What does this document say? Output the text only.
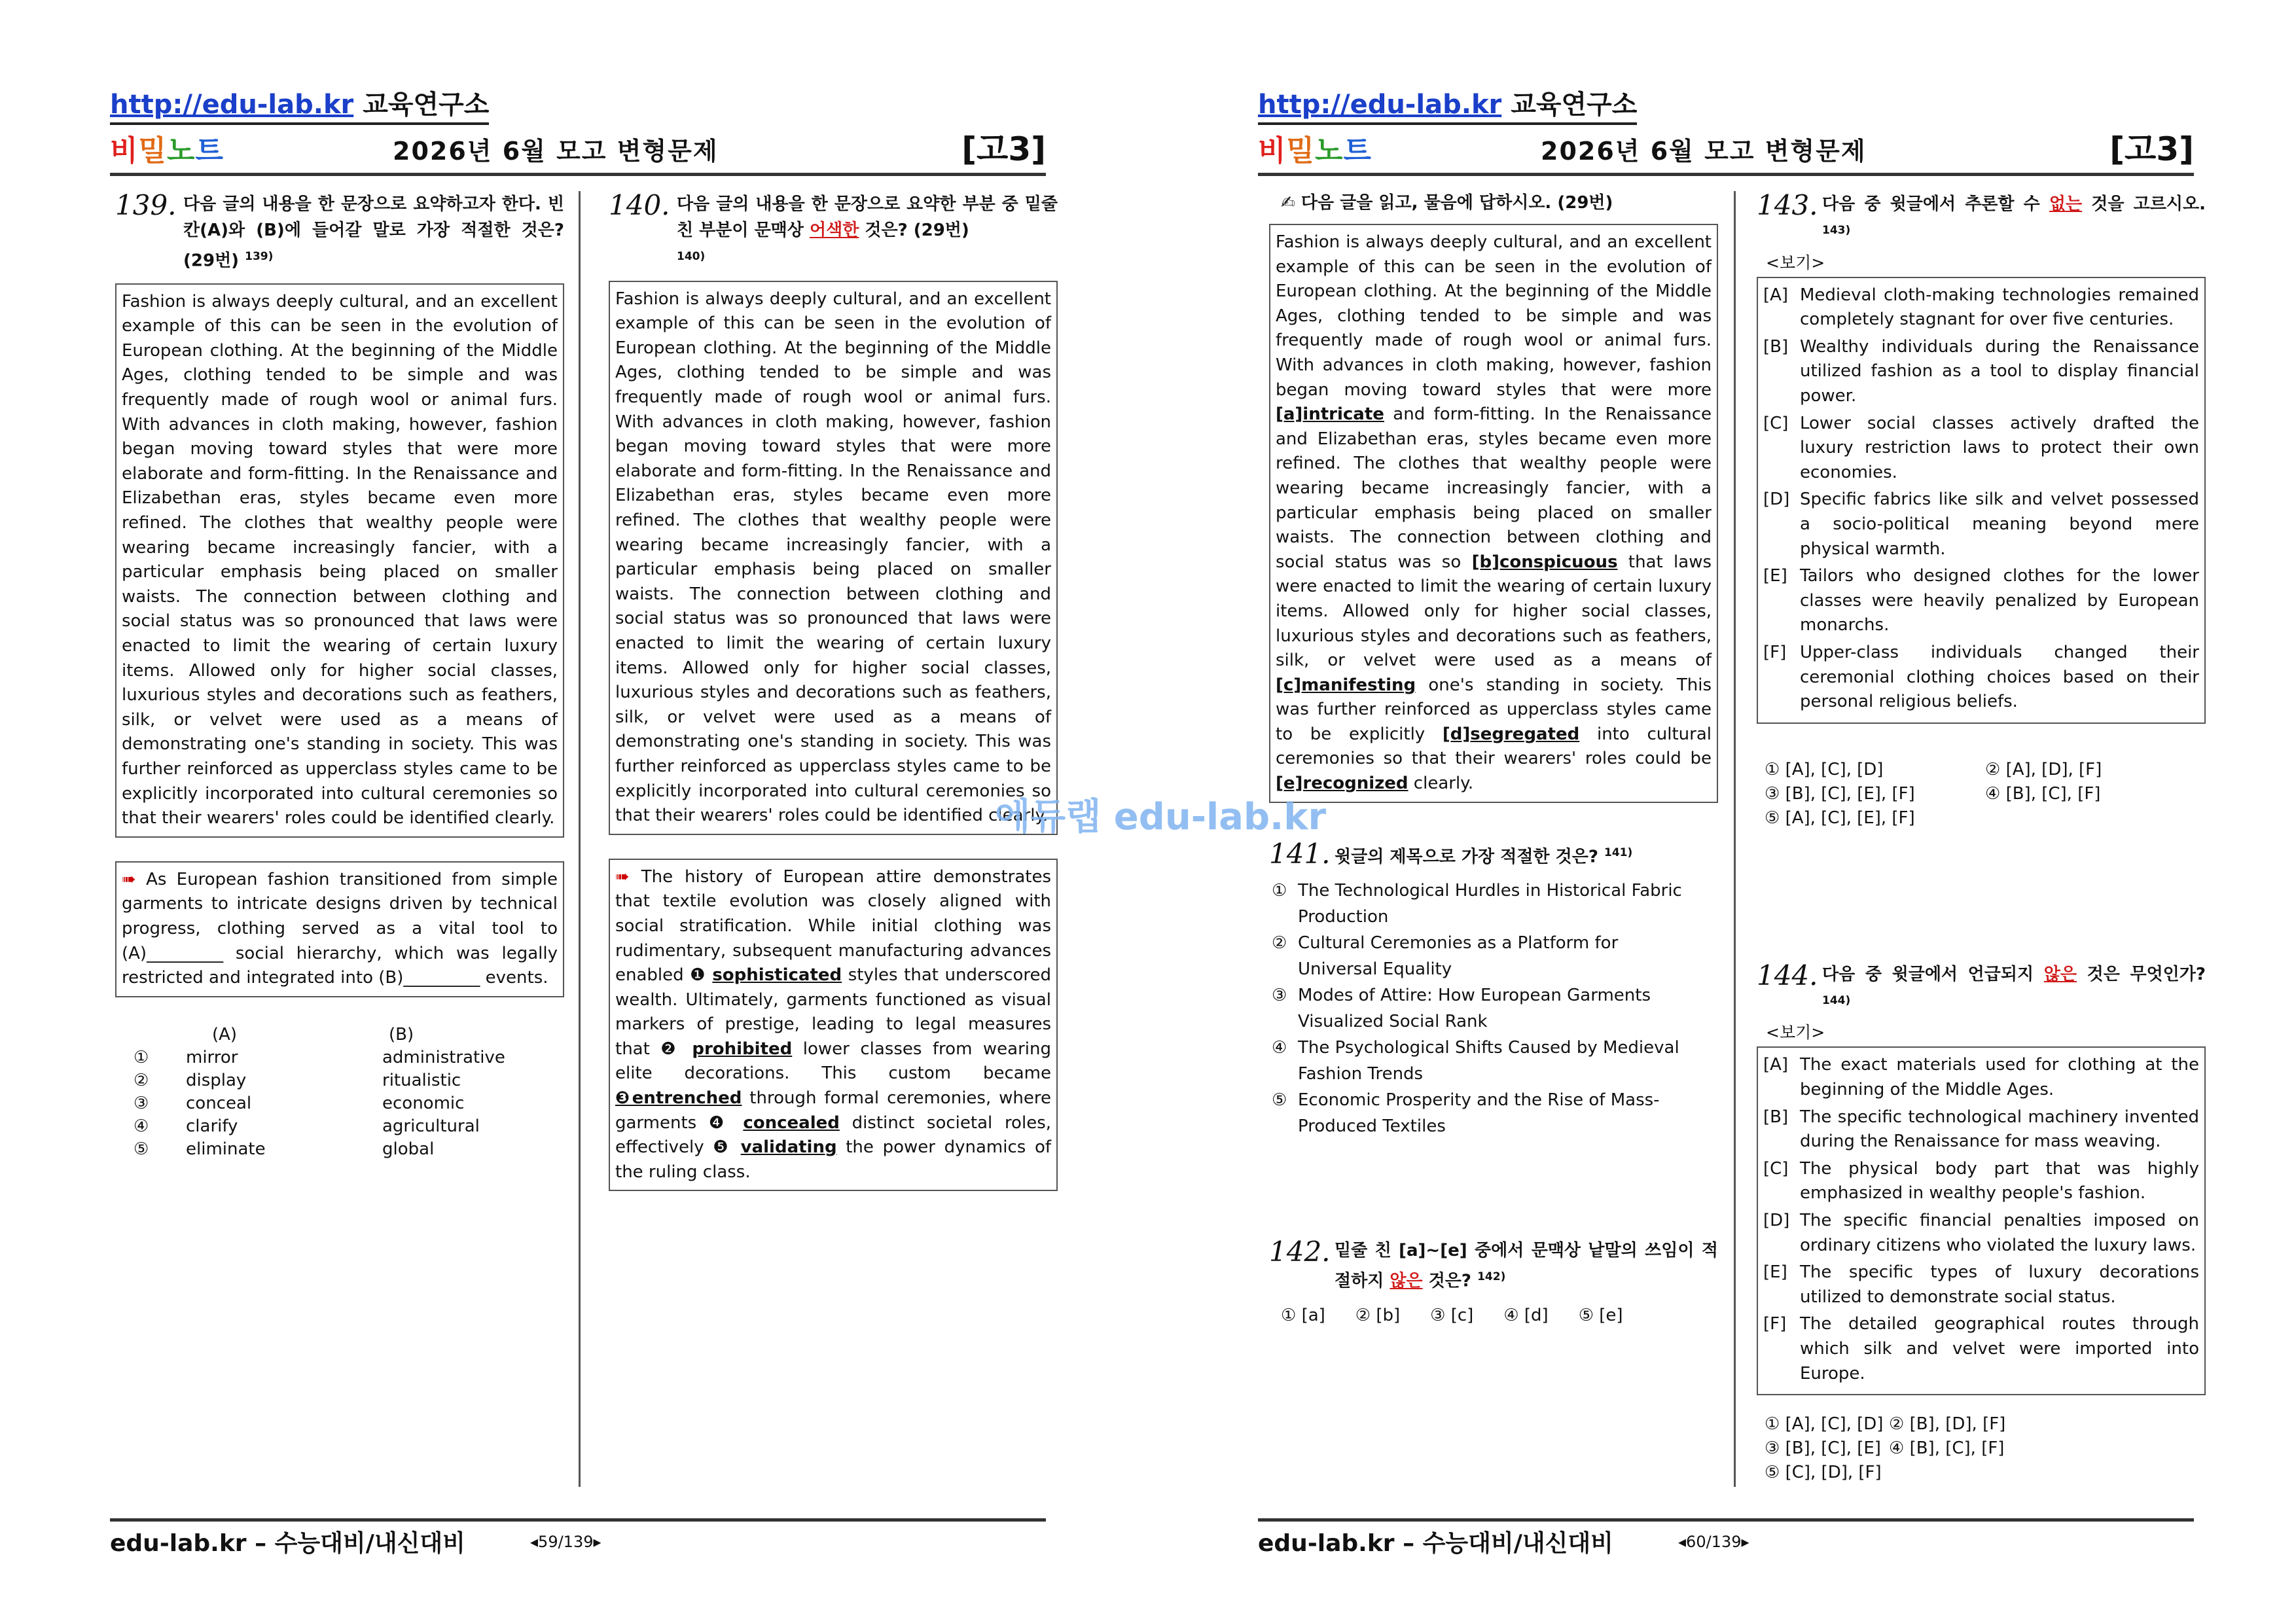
http://edu-lab.kr 교육연구소
비밀노트	2026년 6월 모고 변형문제	[고3]
139. 다음 글의 내용을 한 문장으로 요약하고자 한다. 빈칸(A)와 (B)에 들어갈 말로 가장 적절한 것은? (29번) $^{139)}$
Fashion is always deeply cultural, and an excellent example of this can be seen in the evolution of European clothing. At the beginning of the Middle Ages, clothing tended to be simple and was frequently made of rough wool or animal furs. With advances in cloth making, however, fashion began moving toward styles that were more elaborate and form-fitting. In the Renaissance and Elizabethan eras, styles became even more refined. The clothes that wealthy people were wearing became increasingly fancier, with a particular emphasis being placed on smaller waists. The connection between clothing and social status was so pronounced that laws were enacted to limit the wearing of certain luxury items. Allowed only for higher social classes, luxurious styles and decorations such as feathers, silk, or velvet were used as a means of demonstrating one's standing in society. This was further reinforced as upperclass styles came to be explicitly incorporated into cultural ceremonies so that their wearers' roles could be identified clearly.
➠ As European fashion transitioned from simple garments to intricate designs driven by technical progress, clothing served as a vital tool to (A)_________ social hierarchy, which was legally restricted and integrated into (B)_________ events.
(A)	(B)
①	mirror	administrative
②	display	ritualistic
③	conceal	economic
④	clarify	agricultural
⑤	eliminate	global
140. 다음 글의 내용을 한 문장으로 요약한 부분 중 밑줄 친 부분이 문맥상 어색한 것은? (29번)
$^{140)}$
Fashion is always deeply cultural, and an excellent example of this can be seen in the evolution of European clothing. At the beginning of the Middle Ages, clothing tended to be simple and was frequently made of rough wool or animal furs. With advances in cloth making, however, fashion began moving toward styles that were more elaborate and form-fitting. In the Renaissance and Elizabethan eras, styles became even more refined. The clothes that wealthy people were wearing became increasingly fancier, with a particular emphasis being placed on smaller waists. The connection between clothing and social status was so pronounced that laws were enacted to limit the wearing of certain luxury items. Allowed only for higher social classes, luxurious styles and decorations such as feathers, silk, or velvet were used as a means of demonstrating one's standing in society. This was further reinforced as upperclass styles came to be explicitly incorporated into cultural ceremonies so that their wearers' roles could be identified clearly.
➠ The history of European attire demonstrates that textile evolution was closely aligned with social stratification. While initial clothing was rudimentary, subsequent manufacturing advances enabled ❶ sophisticated styles that underscored wealth. Ultimately, garments functioned as visual markers of prestige, leading to legal measures that ❷ prohibited lower classes from wearing elite decorations. This custom became ❸entrenched through formal ceremonies, where garments ❹ concealed distinct societal roles, effectively ❺ validating the power dynamics of the ruling class.
edu-lab.kr – 수능대비/내신대비	◂59/139▸
http://edu-lab.kr 교육연구소
비밀노트	2026년 6월 모고 변형문제	[고3]
✍ 다음 글을 읽고, 물음에 답하시오. (29번)
Fashion is always deeply cultural, and an excellent example of this can be seen in the evolution of European clothing. At the beginning of the Middle Ages, clothing tended to be simple and was frequently made of rough wool or animal furs. With advances in cloth making, however, fashion began moving toward styles that were more [a]intricate and form-fitting. In the Renaissance and Elizabethan eras, styles became even more refined. The clothes that wealthy people were wearing became increasingly fancier, with a particular emphasis being placed on smaller waists. The connection between clothing and social status was so [b]conspicuous that laws were enacted to limit the wearing of certain luxury items. Allowed only for higher social classes, luxurious styles and decorations such as feathers, silk, or velvet were used as a means of [c]manifesting one's standing in society. This was further reinforced as upperclass styles came to be explicitly [d]segregated into cultural ceremonies so that their wearers' roles could be [e]recognized clearly.
141. 윗글의 제목으로 가장 적절한 것은? $^{141)}$
① The Technological Hurdles in Historical Fabric Production
② Cultural Ceremonies as a Platform for Universal Equality
③ Modes of Attire: How European Garments Visualized Social Rank
④ The Psychological Shifts Caused by Medieval Fashion Trends
⑤ Economic Prosperity and the Rise of Mass-Produced Textiles
142. 밑줄 친 [a]~[e] 중에서 문맥상 낱말의 쓰임이 적절하지 않은 것은? $^{142)}$
① [a] ② [b] ③ [c] ④ [d] ⑤ [e]
143. 다음 중 윗글에서 추론할 수 없는 것을 고르시오. $^{143)}$
<보기>
[A] Medieval cloth-making technologies remained completely stagnant for over five centuries.
[B] Wealthy individuals during the Renaissance utilized fashion as a tool to display financial power.
[C] Lower social classes actively drafted the luxury restriction laws to protect their own economies.
[D] Specific fabrics like silk and velvet possessed a socio-political meaning beyond mere physical warmth.
[E] Tailors who designed clothes for the lower classes were heavily penalized by European monarchs.
[F] Upper-class individuals changed their ceremonial clothing choices based on their personal religious beliefs.
① [A], [C], [D]	② [A], [D], [F]
③ [B], [C], [E], [F]	④ [B], [C], [F]
⑤ [A], [C], [E], [F]
144. 다음 중 윗글에서 언급되지 않은 것은 무엇인가?$^{144)}$
<보기>
[A] The exact materials used for clothing at the beginning of the Middle Ages.
[B] The specific technological machinery invented during the Renaissance for mass weaving.
[C] The physical body part that was highly emphasized in wealthy people's fashion.
[D] The specific financial penalties imposed on ordinary citizens who violated the luxury laws.
[E] The specific types of luxury decorations utilized to demonstrate social status.
[F] The detailed geographical routes through which silk and velvet were imported into Europe.
① [A], [C], [D] ② [B], [D], [F]
③ [B], [C], [E] ④ [B], [C], [F]
⑤ [C], [D], [F]
edu-lab.kr – 수능대비/내신대비	◂60/139▸
에듀랩 edu-lab.kr
